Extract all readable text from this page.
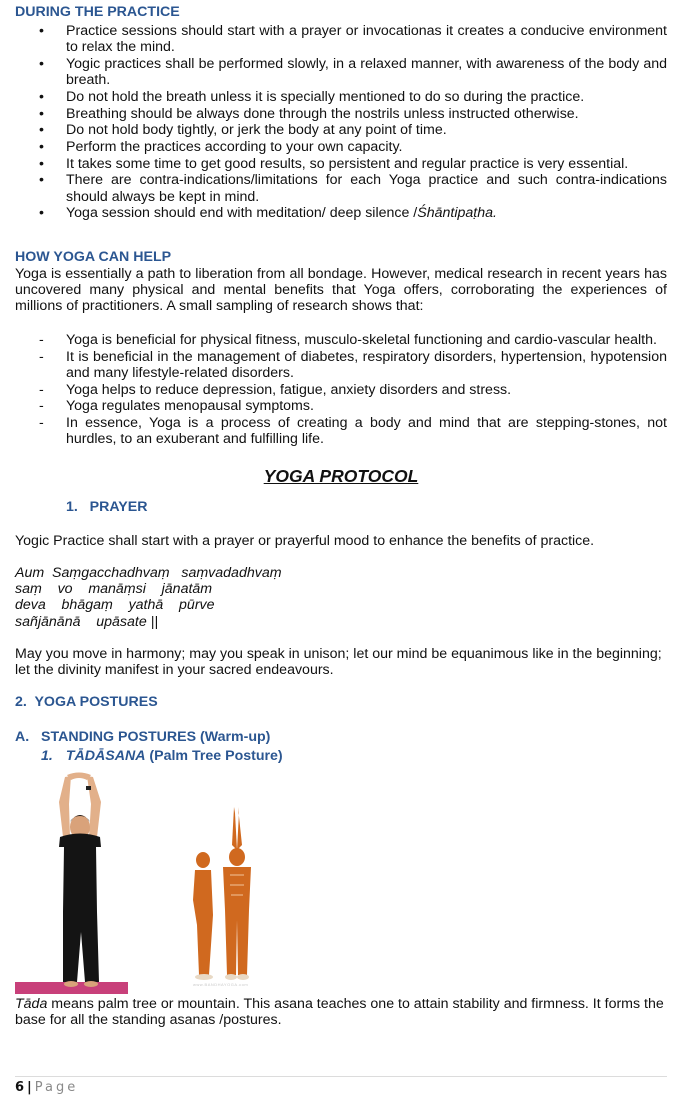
DURING THE PRACTICE
• Practice sessions should start with a prayer or invocationas it creates a conducive environment to relax the mind.
• Yogic practices shall be performed slowly, in a relaxed manner, with awareness of the body and breath.
• Do not hold the breath unless it is specially mentioned to do so during the practice.
• Breathing should be always done through the nostrils unless instructed otherwise.
• Do not hold body tightly, or jerk the body at any point of time.
• Perform the practices according to your own capacity.
• It takes some time to get good results, so persistent and regular practice is very essential.
• There are contra-indications/limitations for each Yoga practice and such contra-indications should always be kept in mind.
• Yoga session should end with meditation/ deep silence /Śhāntipaṭha.
HOW YOGA CAN HELP
Yoga is essentially a path to liberation from all bondage. However, medical research in recent years has uncovered many physical and mental benefits that Yoga offers, corroborating the experiences of millions of practitioners. A small sampling of research shows that:
- Yoga is beneficial for physical fitness, musculo-skeletal functioning and cardio-vascular health.
- It is beneficial in the management of diabetes, respiratory disorders, hypertension, hypotension and many lifestyle-related disorders.
- Yoga helps to reduce depression, fatigue, anxiety disorders and stress.
- Yoga regulates menopausal symptoms.
- In essence, Yoga is a process of creating a body and mind that are stepping-stones, not hurdles, to an exuberant and fulfilling life.
YOGA PROTOCOL
1.   PRAYER
Yogic Practice shall start with a prayer or prayerful mood to enhance the benefits of practice.
Aum  Saṃgacchadhvaṃ   saṃvadadhvaṃ
saṃ    vo    manāṃsi    jānatām
deva    bhāgaṃ    yathā    pūrve
sañjānānā    upāsate ||
May you move in harmony; may you speak in unison; let our mind be equanimous like in the beginning; let the divinity manifest in your sacred endeavours.
2.  YOGA POSTURES
A.   STANDING POSTURES (Warm-up)
1. TĀDĀSANA (Palm Tree Posture)
www.BANDHAYOGA.com
Tāda means palm tree or mountain. This asana teaches one to attain stability and firmness. It forms the base for all the standing asanas /postures.
6 | Page
